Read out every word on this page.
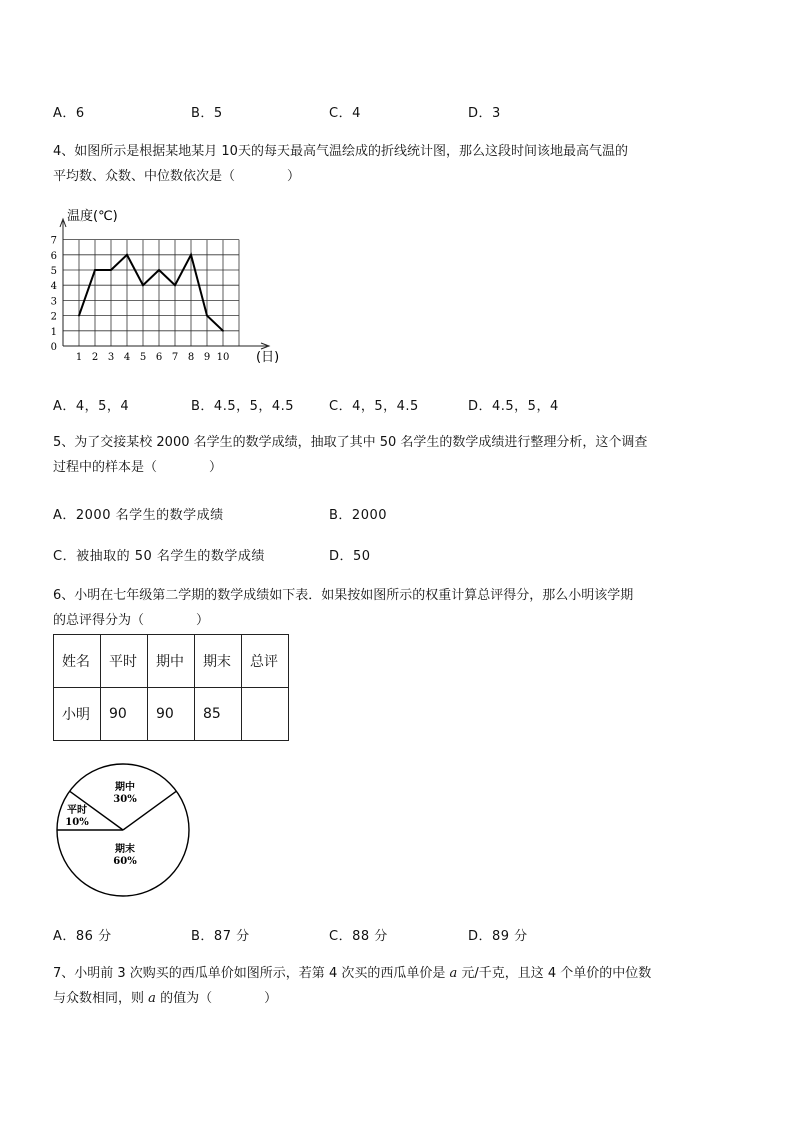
A．6	B．5	C．4	D．3
4、如图所示是根据某地某月 10天的每天最高气温绘成的折线统计图，那么这段时间该地最高气温的
平均数、众数、中位数依次是（　　　　）
0
1
2
3
4
5
6
7
1 2 3 4 5 6 7 8 9 10
温度(℃)
(日)
A．4，5，4	B．4.5，5，4.5	C．4，5，4.5	D．4.5，5，4
5、为了交接某校 2000 名学生的数学成绩，抽取了其中 50 名学生的数学成绩进行整理分析，这个调查
过程中的样本是（　　　　）
A．2000 名学生的数学成绩	B．2000
C．被抽取的 50 名学生的数学成绩	D．50
6、小明在七年级第二学期的数学成绩如下表．如果按如图所示的权重计算总评得分，那么小明该学期
的总评得分为（　　　　）
姓名	平时	期中	期末	总评

小明	90	90	85	

平时
10%
期中
30%
期末
60%
A．86 分	B．87 分	C．88 分	D．89 分
7、小明前 3 次购买的西瓜单价如图所示，若第 4 次买的西瓜单价是 a 元/千克，且这 4 个单价的中位数
与众数相同，则 a 的值为（　　　　）
